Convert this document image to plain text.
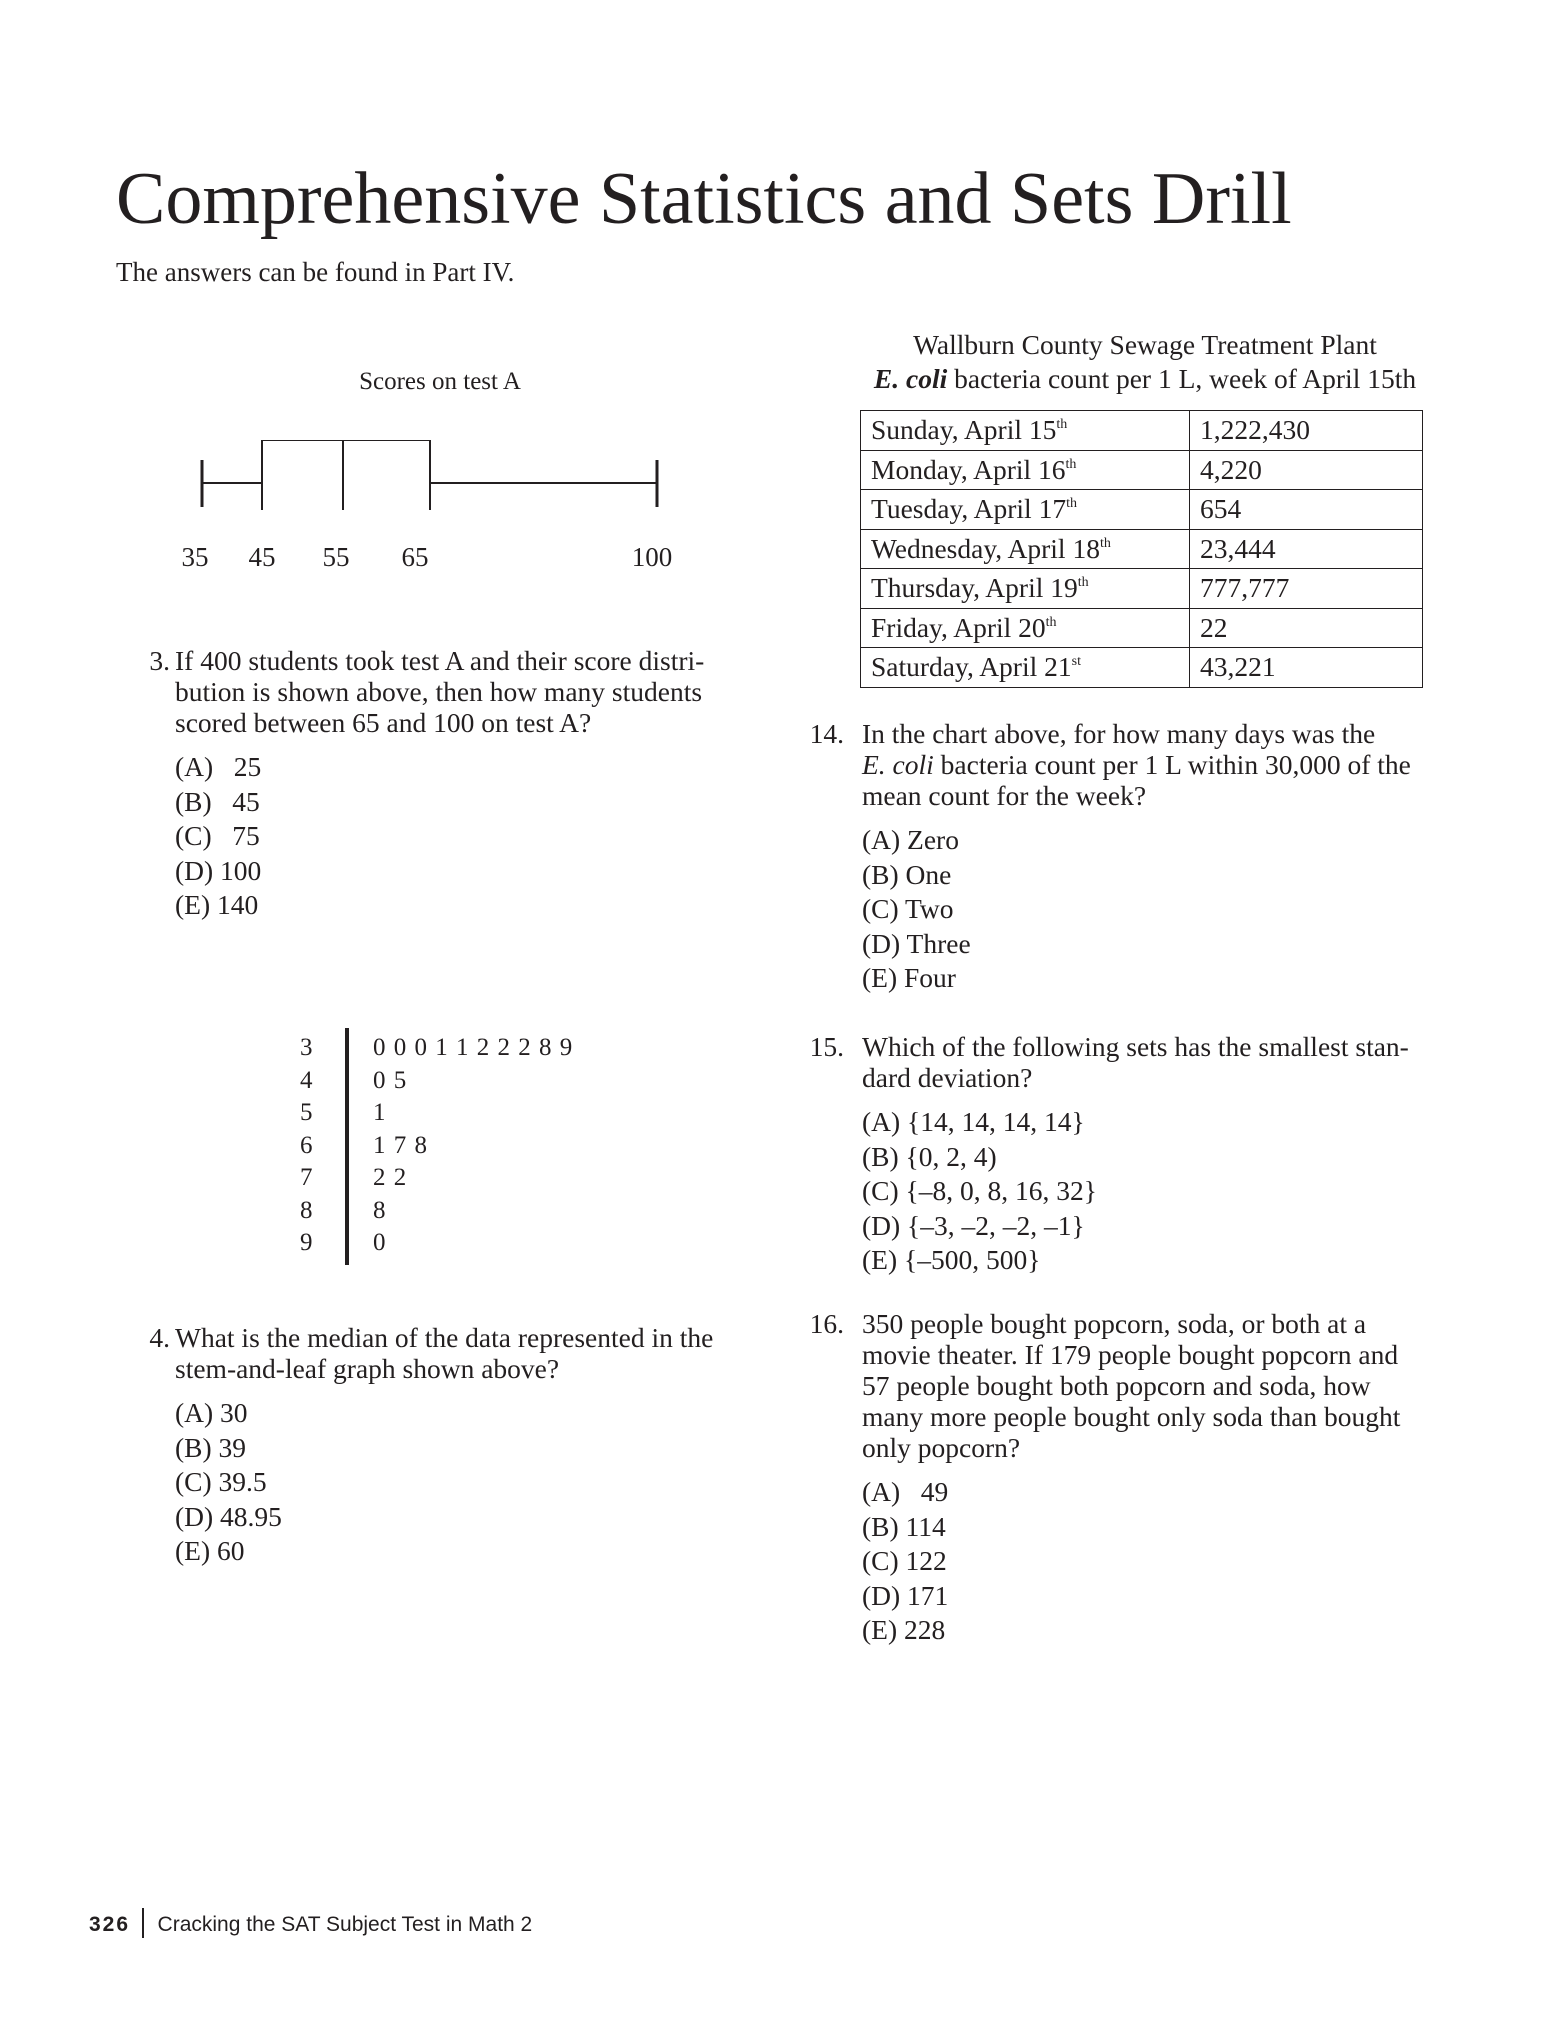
Comprehensive Statistics and Sets Drill
The answers can be found in Part IV.
Scores on test A
35	45	55	65	100
3. If 400 students took test A and their score distri-
bution is shown above, then how many students
scored between 65 and 100 on test A?
(A)   25
(B)   45
(C)   75
(D) 100
(E) 140
3	0 0 0 1 1 2 2 2 8 9
4	0 5
5	1
6	1 7 8
7	2 2
8	8
9	0
4. What is the median of the data represented in the
stem-and-leaf graph shown above?
(A) 30
(B) 39
(C) 39.5
(D) 48.95
(E) 60
Wallburn County Sewage Treatment Plant
E. coli bacteria count per 1 L, week of April 15th
Sunday, April 15th	1,222,430
Monday, April 16th	4,220
Tuesday, April 17th	654
Wednesday, April 18th	23,444
Thursday, April 19th	777,777
Friday, April 20th	22
Saturday, April 21st	43,221
14. In the chart above, for how many days was the
E. coli bacteria count per 1 L within 30,000 of the
mean count for the week?
(A) Zero
(B) One
(C) Two
(D) Three
(E) Four
15. Which of the following sets has the smallest stan-
dard deviation?
(A) {14, 14, 14, 14}
(B) {0, 2, 4)
(C) {–8, 0, 8, 16, 32}
(D) {–3, –2, –2, –1}
(E) {–500, 500}
16. 350 people bought popcorn, soda, or both at a
movie theater. If 179 people bought popcorn and
57 people bought both popcorn and soda, how
many more people bought only soda than bought
only popcorn?
(A)   49
(B) 114
(C) 122
(D) 171
(E) 228
326 Cracking the SAT Subject Test in Math 2
